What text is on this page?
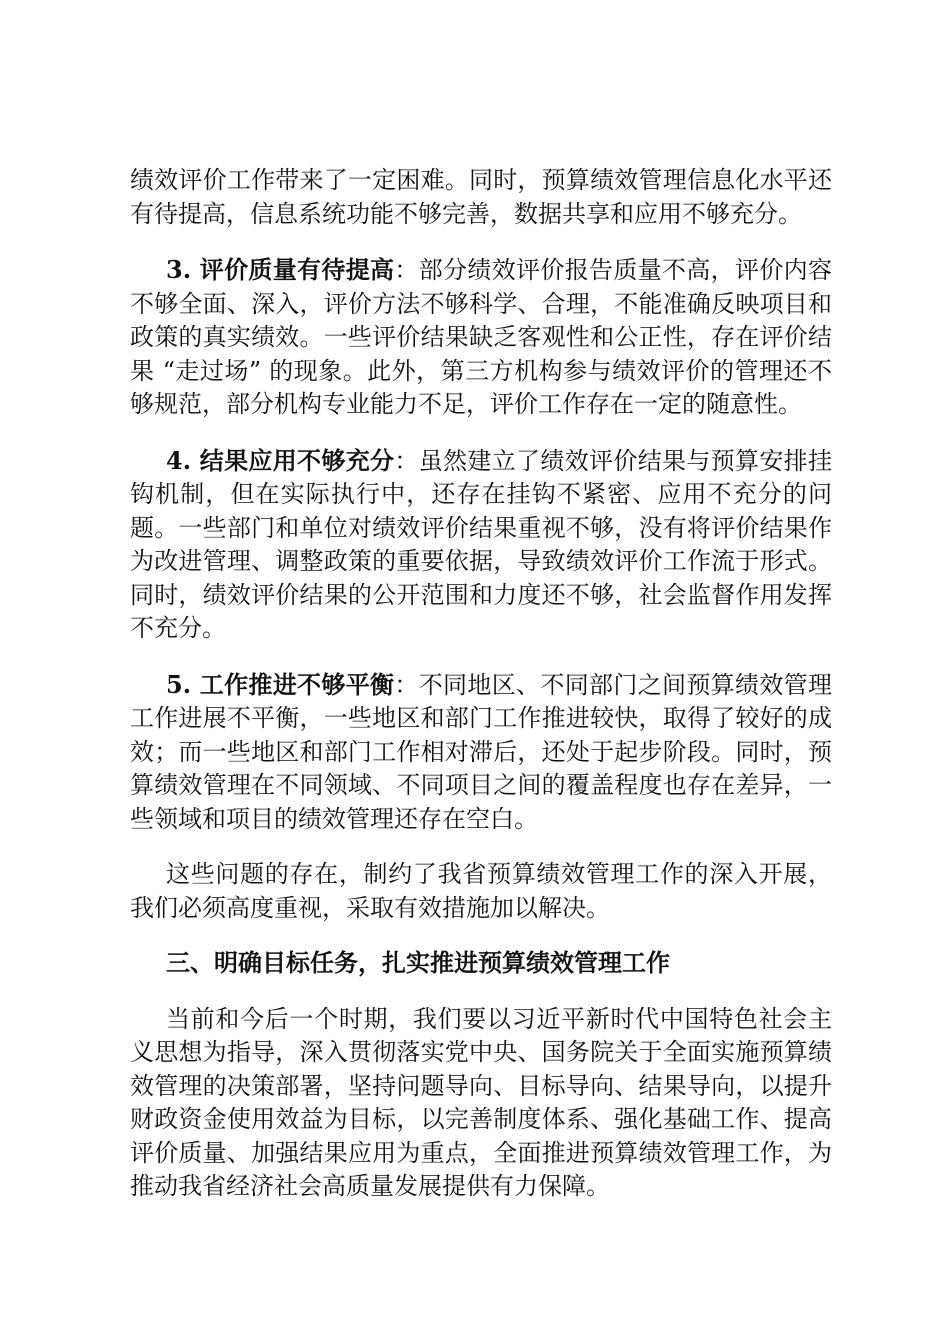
绩效评价工作带来了一定困难。同时，预算绩效管理信息化水平还有待提高，信息系统功能不够完善，数据共享和应用不够充分。

3. 评价质量有待提高：部分绩效评价报告质量不高，评价内容不够全面、深入，评价方法不够科学、合理，不能准确反映项目和政策的真实绩效。一些评价结果缺乏客观性和公正性，存在评价结果 “走过场” 的现象。此外，第三方机构参与绩效评价的管理还不够规范，部分机构专业能力不足，评价工作存在一定的随意性。

4. 结果应用不够充分：虽然建立了绩效评价结果与预算安排挂钩机制，但在实际执行中，还存在挂钩不紧密、应用不充分的问题。一些部门和单位对绩效评价结果重视不够，没有将评价结果作为改进管理、调整政策的重要依据，导致绩效评价工作流于形式。同时，绩效评价结果的公开范围和力度还不够，社会监督作用发挥不充分。

5. 工作推进不够平衡：不同地区、不同部门之间预算绩效管理工作进展不平衡，一些地区和部门工作推进较快，取得了较好的成效；而一些地区和部门工作相对滞后，还处于起步阶段。同时，预算绩效管理在不同领域、不同项目之间的覆盖程度也存在差异，一些领域和项目的绩效管理还存在空白。

这些问题的存在，制约了我省预算绩效管理工作的深入开展，我们必须高度重视，采取有效措施加以解决。

三、明确目标任务，扎实推进预算绩效管理工作

当前和今后一个时期，我们要以习近平新时代中国特色社会主义思想为指导，深入贯彻落实党中央、国务院关于全面实施预算绩效管理的决策部署，坚持问题导向、目标导向、结果导向，以提升财政资金使用效益为目标，以完善制度体系、强化基础工作、提高评价质量、加强结果应用为重点，全面推进预算绩效管理工作，为推动我省经济社会高质量发展提供有力保障。
